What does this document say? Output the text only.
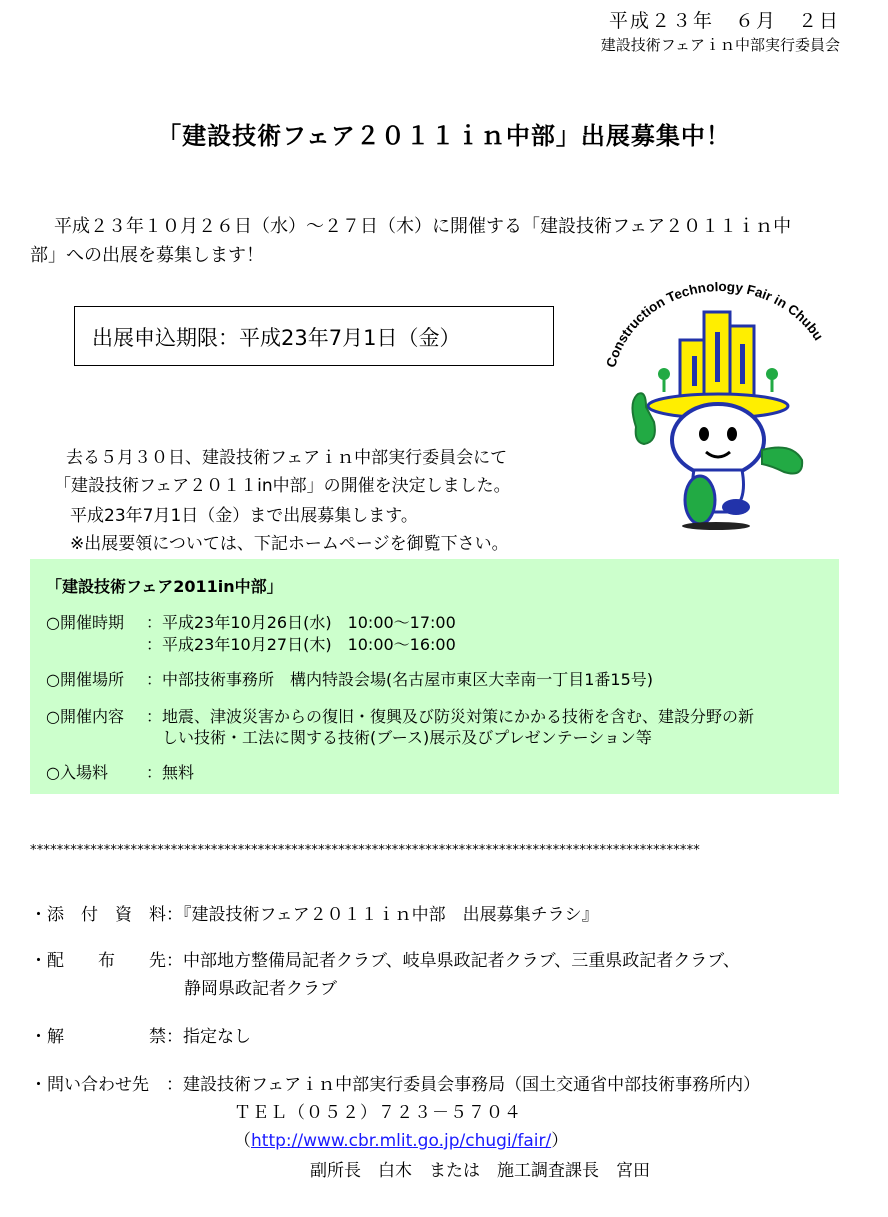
平成２３年　６月　２日
建設技術フェアｉｎ中部実行委員会
「建設技術フェア２０１１ｉｎ中部」出展募集中！
平成２３年１０月２６日（水）～２７日（木）に開催する「建設技術フェア２０１１ｉｎ中
部」への出展を募集します！
出展申込期限：平成23年7月1日（金）
Construction Technology Fair in Chubu
去る５月３０日、建設技術フェアｉｎ中部実行委員会にて
「建設技術フェア２０１１in中部」の開催を決定しました。
平成23年7月1日（金）まで出展募集します。
※出展要領については、下記ホームページを御覧下さい。
「建設技術フェア2011in中部」
○開催時期 ：平成23年10月26日(水)　10:00～17:00
：平成23年10月27日(木)　10:00～16:00
○開催場所 ：中部技術事務所　構内特設会場(名古屋市東区大幸南一丁目1番15号)
○開催内容 ：地震、津波災害からの復旧・復興及び防災対策にかかる技術を含む、建設分野の新
しい技術・工法に関する技術(ブース)展示及びプレゼンテーション等
○入場料 ：無料
****************************************************************************************************
・添　付　資　料 ：『建設技術フェア２０１１ｉｎ中部　出展募集チラシ』
・配　　布　　先 ：中部地方整備局記者クラブ、岐阜県政記者クラブ、三重県政記者クラブ、
静岡県政記者クラブ
・解　　　　　禁 ：指定なし
・問い合わせ先 ：建設技術フェアｉｎ中部実行委員会事務局（国土交通省中部技術事務所内）
ＴＥＬ（０５２）７２３－５７０４
（http://www.cbr.mlit.go.jp/chugi/fair/）
副所長　白木　または　施工調査課長　宮田
